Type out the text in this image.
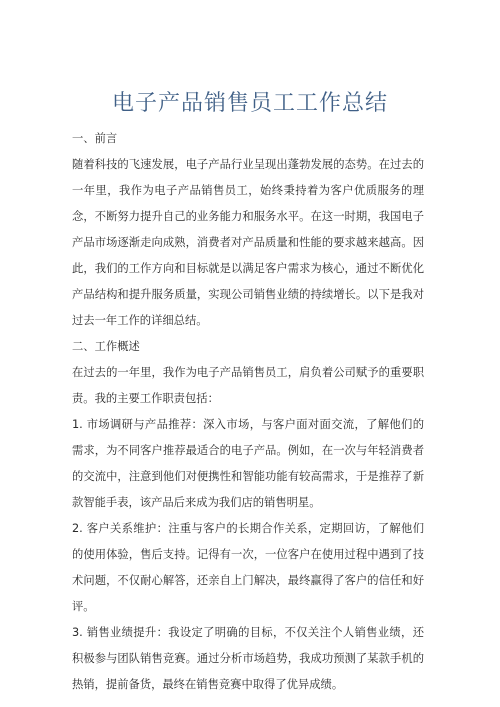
电子产品销售员工工作总结

一、前言

随着科技的飞速发展，电子产品行业呈现出蓬勃发展的态势。在过去的一年里，我作为电子产品销售员工，始终秉持着为客户优质服务的理念，不断努力提升自己的业务能力和服务水平。在这一时期，我国电子产品市场逐渐走向成熟，消费者对产品质量和性能的要求越来越高。因此，我们的工作方向和目标就是以满足客户需求为核心，通过不断优化产品结构和提升服务质量，实现公司销售业绩的持续增长。以下是我对过去一年工作的详细总结。

二、工作概述

在过去的一年里，我作为电子产品销售员工，肩负着公司赋予的重要职责。我的主要工作职责包括：

1. 市场调研与产品推荐：深入市场，与客户面对面交流，了解他们的需求，为不同客户推荐最适合的电子产品。例如，在一次与年轻消费者的交流中，注意到他们对便携性和智能功能有较高需求，于是推荐了新款智能手表，该产品后来成为我们店的销售明星。

2. 客户关系维护：注重与客户的长期合作关系，定期回访，了解他们的使用体验，售后支持。记得有一次，一位客户在使用过程中遇到了技术问题，不仅耐心解答，还亲自上门解决，最终赢得了客户的信任和好评。

3. 销售业绩提升：我设定了明确的目标，不仅关注个人销售业绩，还积极参与团队销售竞赛。通过分析市场趋势，我成功预测了某款手机的热销，提前备货，最终在销售竞赛中取得了优异成绩。
